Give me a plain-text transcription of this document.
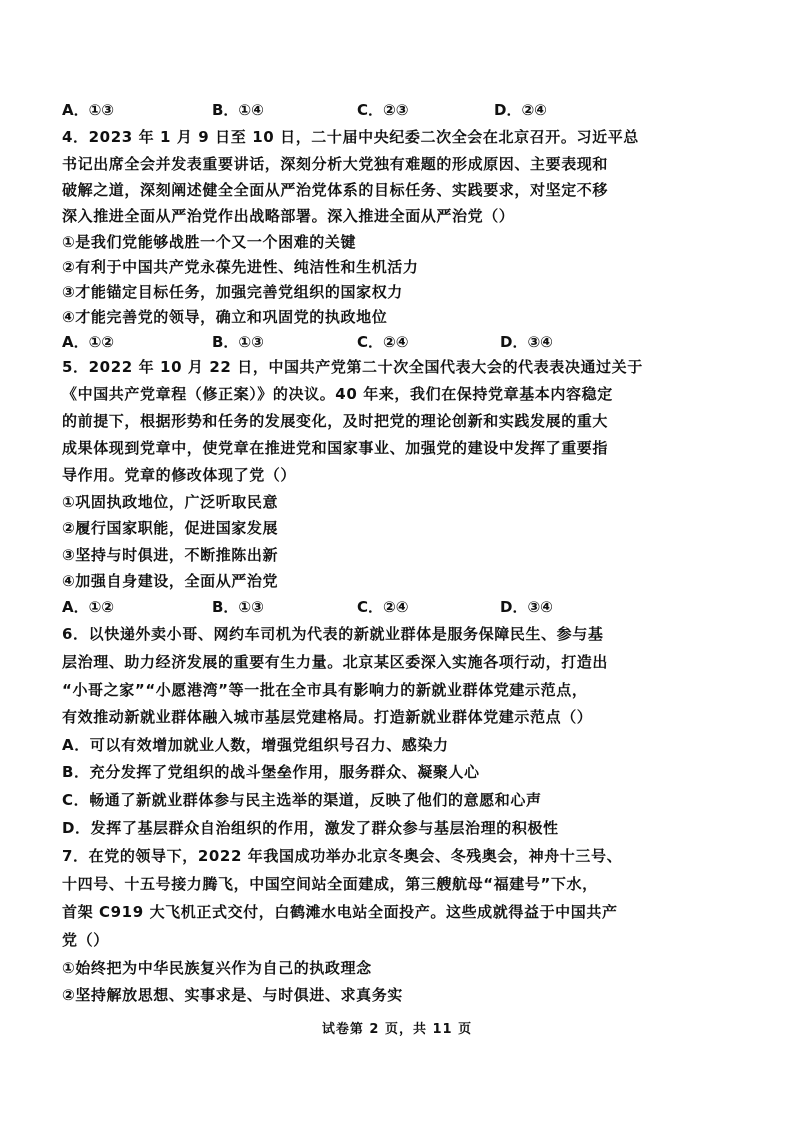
A．①③	B．①④	C．②③	D．②④
4．2023 年 1 月 9 日至 10 日，二十届中央纪委二次全会在北京召开。习近平总
书记出席全会并发表重要讲话，深刻分析大党独有难题的形成原因、主要表现和
破解之道，深刻阐述健全全面从严治党体系的目标任务、实践要求，对坚定不移
深入推进全面从严治党作出战略部署。深入推进全面从严治党（）
①是我们党能够战胜一个又一个困难的关键
②有利于中国共产党永葆先进性、纯洁性和生机活力
③才能锚定目标任务，加强完善党组织的国家权力
④才能完善党的领导，确立和巩固党的执政地位
A．①②	B．①③	C．②④	D．③④
5．2022 年 10 月 22 日，中国共产党第二十次全国代表大会的代表表决通过关于
《中国共产党章程（修正案）》的决议。40 年来，我们在保持党章基本内容稳定
的前提下，根据形势和任务的发展变化，及时把党的理论创新和实践发展的重大
成果体现到党章中，使党章在推进党和国家事业、加强党的建设中发挥了重要指
导作用。党章的修改体现了党（）
①巩固执政地位，广泛听取民意
②履行国家职能，促进国家发展
③坚持与时俱进，不断推陈出新
④加强自身建设，全面从严治党
A．①②	B．①③	C．②④	D．③④
6．以快递外卖小哥、网约车司机为代表的新就业群体是服务保障民生、参与基
层治理、助力经济发展的重要有生力量。北京某区委深入实施各项行动，打造出
“小哥之家”“小愿港湾”等一批在全市具有影响力的新就业群体党建示范点，
有效推动新就业群体融入城市基层党建格局。打造新就业群体党建示范点（）
A．可以有效增加就业人数，增强党组织号召力、感染力
B．充分发挥了党组织的战斗堡垒作用，服务群众、凝聚人心
C．畅通了新就业群体参与民主选举的渠道，反映了他们的意愿和心声
D．发挥了基层群众自治组织的作用，激发了群众参与基层治理的积极性
7．在党的领导下，2022 年我国成功举办北京冬奥会、冬残奥会，神舟十三号、
十四号、十五号接力腾飞，中国空间站全面建成，第三艘航母“福建号”下水，
首架 C919 大飞机正式交付，白鹤滩水电站全面投产。这些成就得益于中国共产
党（）
①始终把为中华民族复兴作为自己的执政理念
②坚持解放思想、实事求是、与时俱进、求真务实
试卷第 2 页，共 11 页
